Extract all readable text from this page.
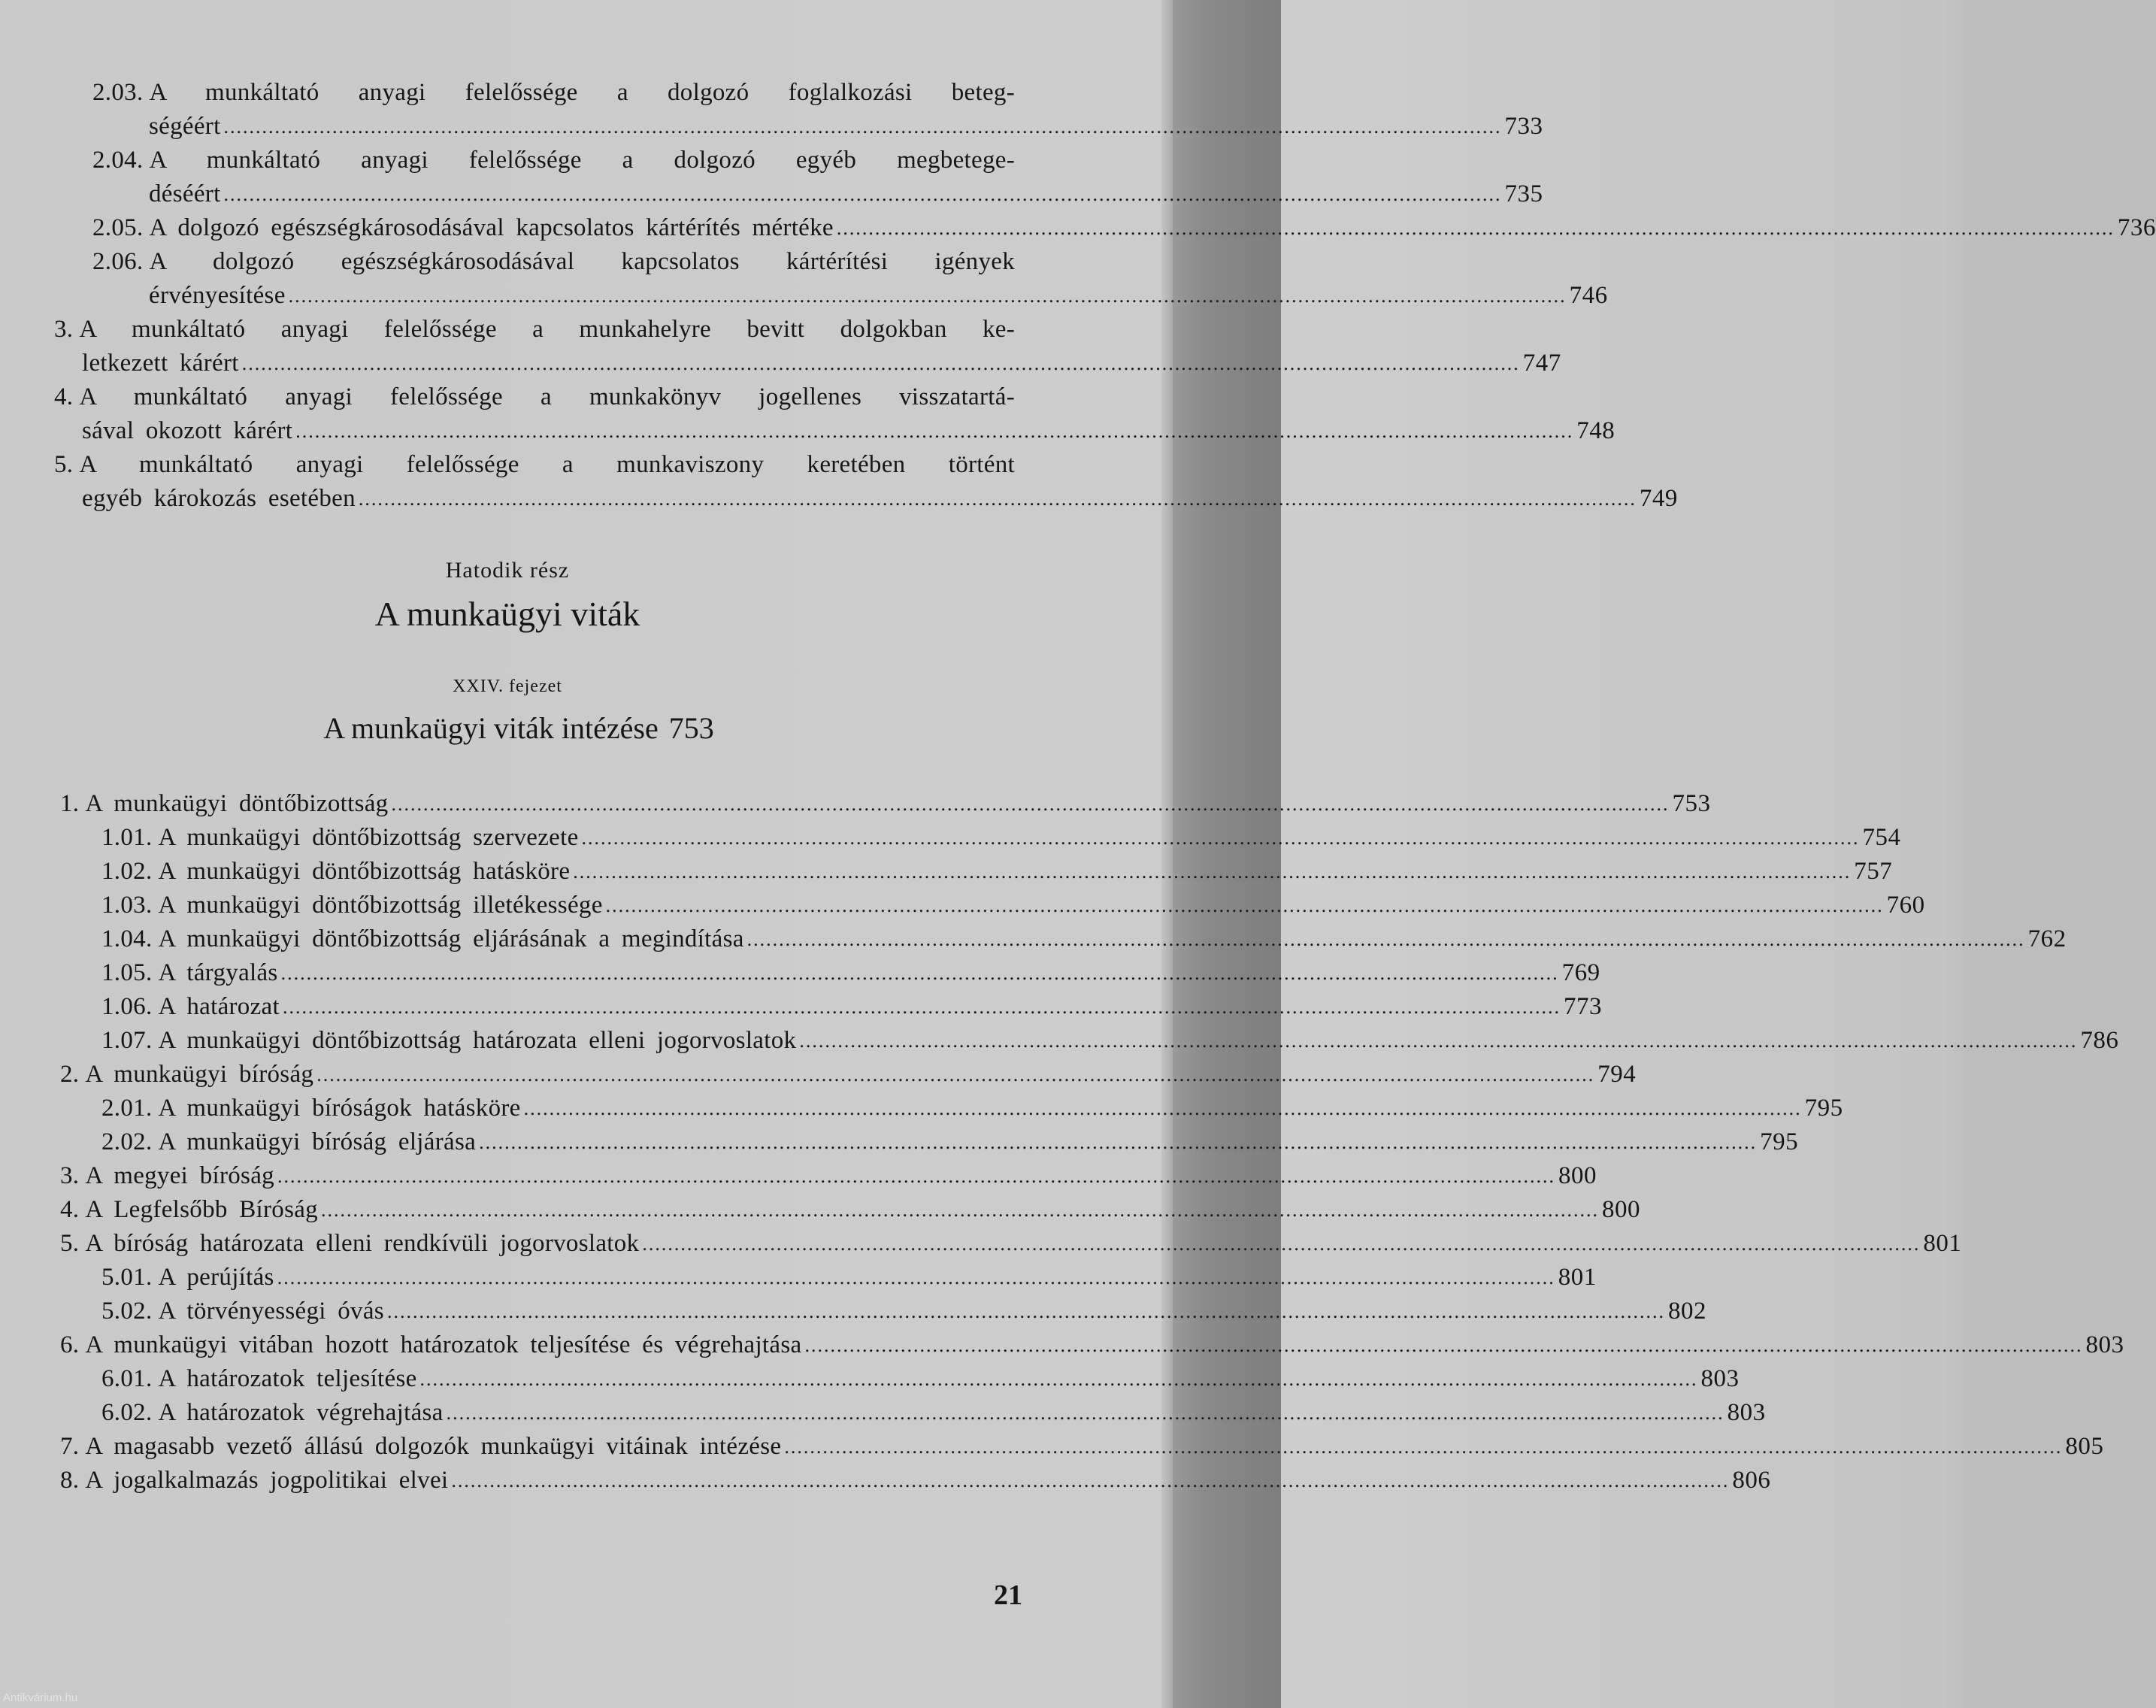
2.03. A munkáltató anyagi felelőssége a dolgozó foglalkozási beteg-
ségéért ........................................................................................................................................................................................................ 733
2.04. A munkáltató anyagi felelőssége a dolgozó egyéb megbetege-
déséért ........................................................................................................................................................................................................ 735
2.05. A dolgozó egészségkárosodásával kapcsolatos kártérítés mértéke ........................................................................................................................................................................................................ 736
2.06. A dolgozó egészségkárosodásával kapcsolatos kártérítési igények
érvényesítése ........................................................................................................................................................................................................ 746
3. A munkáltató anyagi felelőssége a munkahelyre bevitt dolgokban ke-
letkezett kárért ........................................................................................................................................................................................................ 747
4. A munkáltató anyagi felelőssége a munkakönyv jogellenes visszatartá-
sával okozott kárért ........................................................................................................................................................................................................ 748
5. A munkáltató anyagi felelőssége a munkaviszony keretében történt
egyéb károkozás esetében ........................................................................................................................................................................................................ 749
Hatodik rész
A munkaügyi viták
XXIV. fejezet
A munkaügyi viták intézése 753
1. A munkaügyi döntőbizottság ........................................................................................................................................................................................................ 753
1.01. A munkaügyi döntőbizottság szervezete ........................................................................................................................................................................................................ 754
1.02. A munkaügyi döntőbizottság hatásköre ........................................................................................................................................................................................................ 757
1.03. A munkaügyi döntőbizottság illetékessége ........................................................................................................................................................................................................ 760
1.04. A munkaügyi döntőbizottság eljárásának a megindítása ........................................................................................................................................................................................................ 762
1.05. A tárgyalás ........................................................................................................................................................................................................ 769
1.06. A határozat ........................................................................................................................................................................................................ 773
1.07. A munkaügyi döntőbizottság határozata elleni jogorvoslatok ........................................................................................................................................................................................................ 786
2. A munkaügyi bíróság ........................................................................................................................................................................................................ 794
2.01. A munkaügyi bíróságok hatásköre ........................................................................................................................................................................................................ 795
2.02. A munkaügyi bíróság eljárása ........................................................................................................................................................................................................ 795
3. A megyei bíróság ........................................................................................................................................................................................................ 800
4. A Legfelsőbb Bíróság ........................................................................................................................................................................................................ 800
5. A bíróság határozata elleni rendkívüli jogorvoslatok ........................................................................................................................................................................................................ 801
5.01. A perújítás ........................................................................................................................................................................................................ 801
5.02. A törvényességi óvás ........................................................................................................................................................................................................ 802
6. A munkaügyi vitában hozott határozatok teljesítése és végrehajtása ........................................................................................................................................................................................................ 803
6.01. A határozatok teljesítése ........................................................................................................................................................................................................ 803
6.02. A határozatok végrehajtása ........................................................................................................................................................................................................ 803
7. A magasabb vezető állású dolgozók munkaügyi vitáinak intézése ........................................................................................................................................................................................................ 805
8. A jogalkalmazás jogpolitikai elvei ........................................................................................................................................................................................................ 806
21
Antikvárium.hu
